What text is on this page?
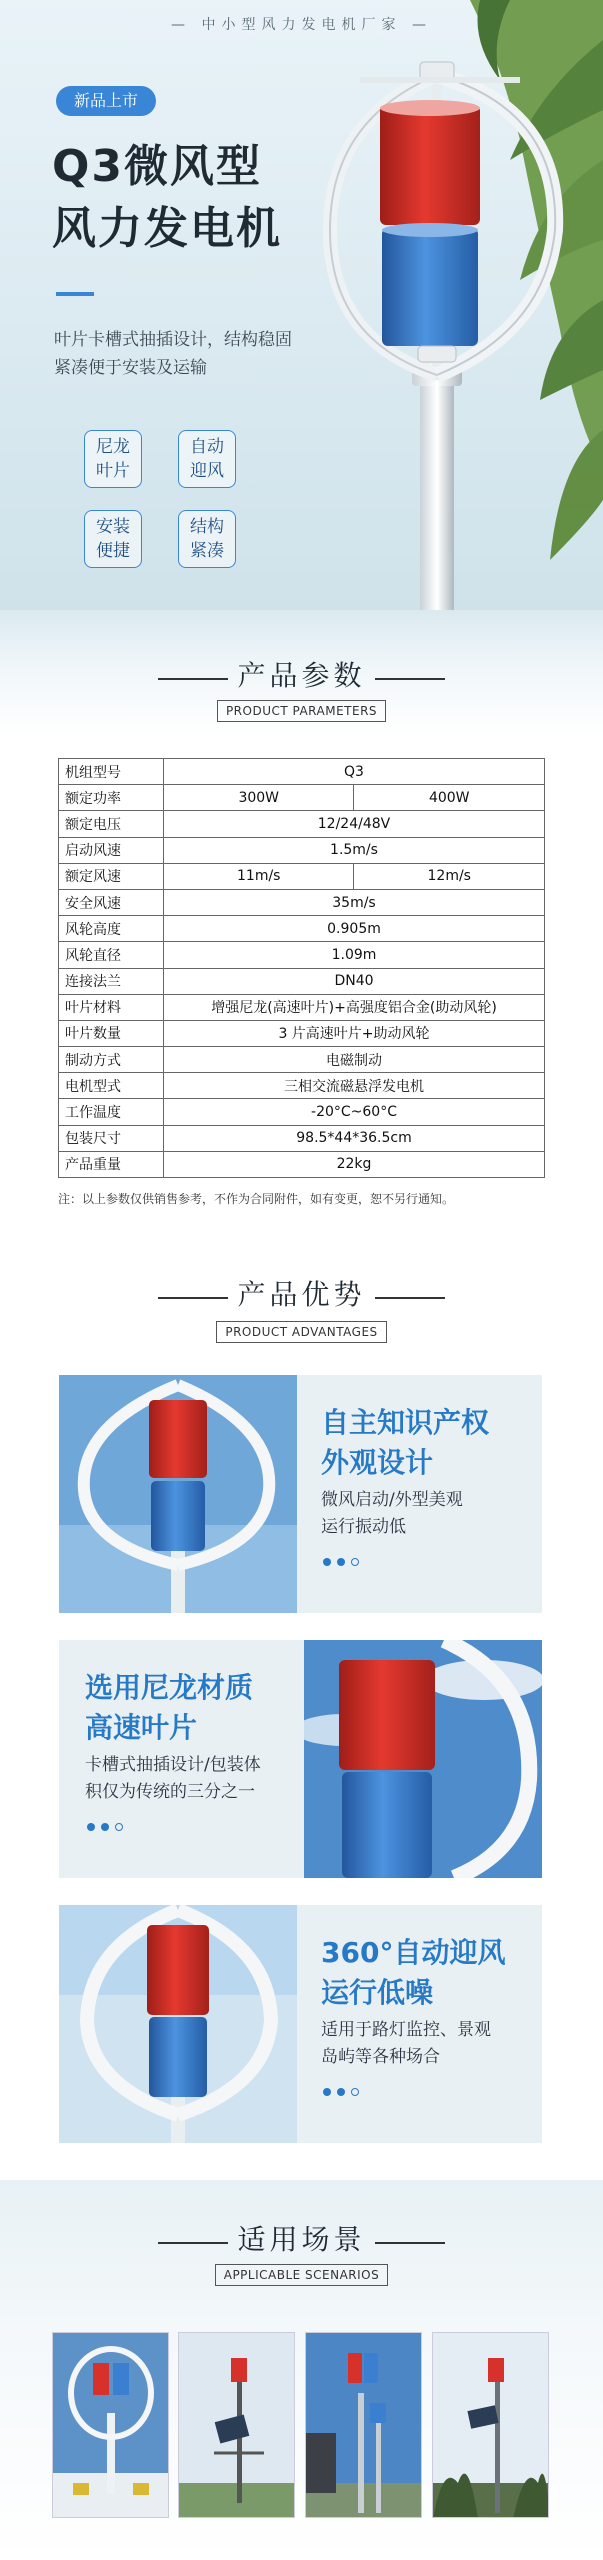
— 中小型风力发电机厂家 —
新品上市
Q3微风型
风力发电机
叶片卡槽式抽插设计，结构稳固紧凑便于安装及运输
尼龙
叶片
自动
迎风
安装
便捷
结构
紧凑
产品参数
PRODUCT PARAMETERS
机组型号	Q3	
额定功率	300W	400W
额定电压	12/24/48V	
启动风速	1.5m/s	
额定风速	11m/s	12m/s
安全风速	35m/s	
风轮高度	0.905m	
风轮直径	1.09m	
连接法兰	DN40	
叶片材料	增强尼龙(高速叶片)+高强度铝合金(助动风轮)	
叶片数量	3 片高速叶片+助动风轮	
制动方式	电磁制动	
电机型式	三相交流磁悬浮发电机	
工作温度	-20°C~60°C	
包装尺寸	98.5*44*36.5cm	
产品重量	22kg	
注：以上参数仅供销售参考，不作为合同附件，如有变更，恕不另行通知。
产品优势
PRODUCT ADVANTAGES
自主知识产权
外观设计
微风启动/外型美观
运行振动低
选用尼龙材质
高速叶片
卡槽式抽插设计/包装体
积仅为传统的三分之一
360°自动迎风
运行低噪
适用于路灯监控、景观
岛屿等各种场合
适用场景
APPLICABLE SCENARIOS
